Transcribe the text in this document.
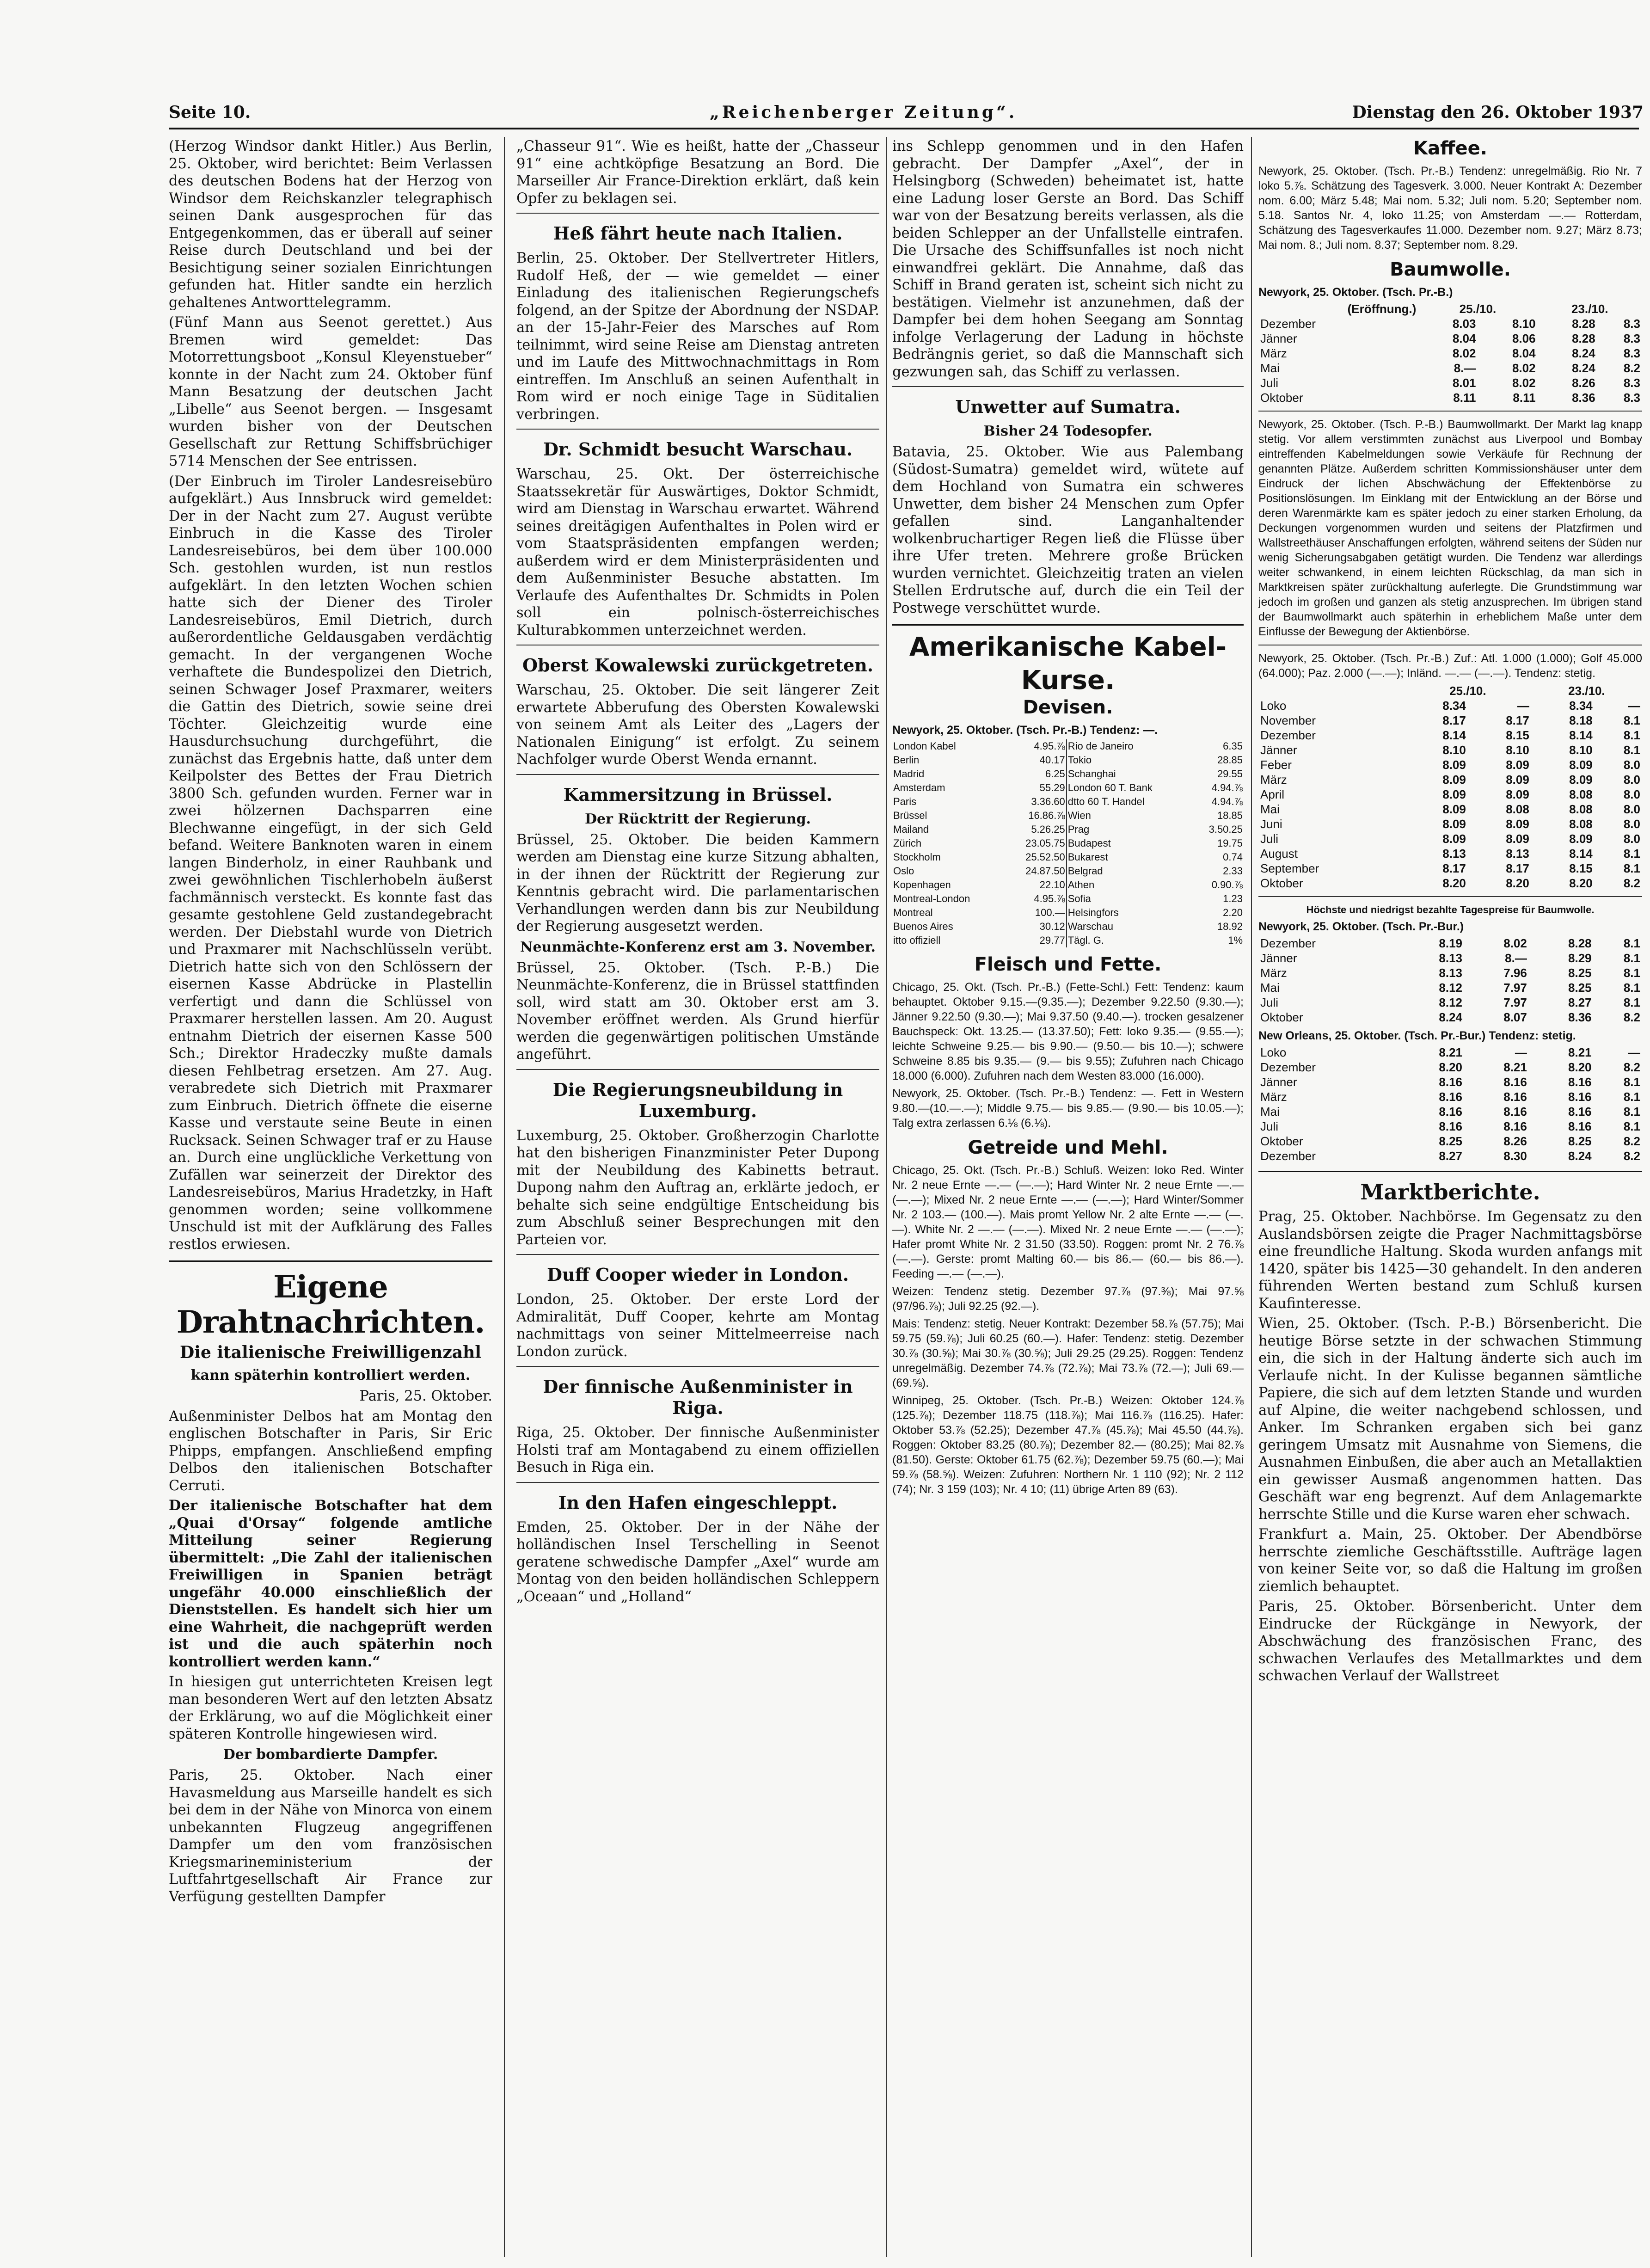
Seite 10.	„Reichenberger Zeitung“.	Dienstag den 26. Oktober 1937

(Herzog Windsor dankt Hitler.) Aus Berlin, 25. Oktober, wird berichtet: Beim Verlassen des deutschen Bodens hat der Herzog von Windsor dem Reichskanzler telegraphisch seinen Dank ausgesprochen für das Entgegenkommen, das er überall auf seiner Reise durch Deutschland und bei der Besichtigung seiner sozialen Einrichtungen gefunden hat. Hitler sandte ein herzlich gehaltenes Antworttelegramm.

(Fünf Mann aus Seenot gerettet.) Aus Bremen wird gemeldet: Das Motorrettungsboot „Konsul Kleyenstueber“ konnte in der Nacht zum 24. Oktober fünf Mann Besatzung der deutschen Jacht „Libelle“ aus Seenot bergen. — Insgesamt wurden bisher von der Deutschen Gesellschaft zur Rettung Schiffsbrüchiger 5714 Menschen der See entrissen.

(Der Einbruch im Tiroler Landesreisebüro aufgeklärt.) Aus Innsbruck wird gemeldet: Der in der Nacht zum 27. August verübte Einbruch in die Kasse des Tiroler Landesreisebüros, bei dem über 100.000 Sch. gestohlen wurden, ist nun restlos aufgeklärt. In den letzten Wochen schien hatte sich der Diener des Tiroler Landesreisebüros, Emil Dietrich, durch außerordentliche Geldausgaben verdächtig gemacht. In der vergangenen Woche verhaftete die Bundespolizei den Dietrich, seinen Schwager Josef Praxmarer, weiters die Gattin des Dietrich, sowie seine drei Töchter. Gleichzeitig wurde eine Hausdurchsuchung durchgeführt, die zunächst das Ergebnis hatte, daß unter dem Keilpolster des Bettes der Frau Dietrich 3800 Sch. gefunden wurden. Ferner war in zwei hölzernen Dachsparren eine Blechwanne eingefügt, in der sich Geld befand. Weitere Banknoten waren in einem langen Binderholz, in einer Rauhbank und zwei gewöhnlichen Tischlerhobeln äußerst fachmännisch versteckt. Es konnte fast das gesamte gestohlene Geld zustandegebracht werden. Der Diebstahl wurde von Dietrich und Praxmarer mit Nachschlüsseln verübt. Dietrich hatte sich von den Schlössern der eisernen Kasse Abdrücke in Plastellin verfertigt und dann die Schlüssel von Praxmarer herstellen lassen. Am 20. August entnahm Dietrich der eisernen Kasse 500 Sch.; Direktor Hradeczky mußte damals diesen Fehlbetrag ersetzen. Am 27. Aug. verabredete sich Dietrich mit Praxmarer zum Einbruch. Dietrich öffnete die eiserne Kasse und verstaute seine Beute in einen Rucksack. Seinen Schwager traf er zu Hause an. Durch eine unglückliche Verkettung von Zufällen war seinerzeit der Direktor des Landesreisebüros, Marius Hradetzky, in Haft genommen worden; seine vollkommene Unschuld ist mit der Aufklärung des Falles restlos erwiesen.

Eigene Drahtnachrichten.
Die italienische Freiwilligenzahl
kann späterhin kontrolliert werden.

Paris, 25. Oktober.

Außenminister Delbos hat am Montag den englischen Botschafter in Paris, Sir Eric Phipps, empfangen. Anschließend empfing Delbos den italienischen Botschafter Cerruti.

Der italienische Botschafter hat dem „Quai d'Orsay“ folgende amtliche Mitteilung seiner Regierung übermittelt: „Die Zahl der italienischen Freiwilligen in Spanien beträgt ungefähr 40.000 einschließlich der Dienststellen. Es handelt sich hier um eine Wahrheit, die nachgeprüft werden ist und die auch späterhin noch kontrolliert werden kann.“

In hiesigen gut unterrichteten Kreisen legt man besonderen Wert auf den letzten Absatz der Erklärung, wo auf die Möglichkeit einer späteren Kontrolle hingewiesen wird.

Der bombardierte Dampfer.

Paris, 25. Oktober. Nach einer Havasmeldung aus Marseille handelt es sich bei dem in der Nähe von Minorca von einem unbekannten Flugzeug angegriffenen Dampfer um den vom französischen Kriegsmarineministerium der Luftfahrtgesellschaft Air France zur Verfügung gestellten Dampfer

„Chasseur 91“. Wie es heißt, hatte der „Chasseur 91“ eine achtköpfige Besatzung an Bord. Die Marseiller Air France-Direktion erklärt, daß kein Opfer zu beklagen sei.

Heß fährt heute nach Italien.

Berlin, 25. Oktober. Der Stellvertreter Hitlers, Rudolf Heß, der — wie gemeldet — einer Einladung des italienischen Regierungschefs folgend, an der Spitze der Abordnung der NSDAP. an der 15-Jahr-Feier des Marsches auf Rom teilnimmt, wird seine Reise am Dienstag antreten und im Laufe des Mittwochnachmittags in Rom eintreffen. Im Anschluß an seinen Aufenthalt in Rom wird er noch einige Tage in Süditalien verbringen.

Dr. Schmidt besucht Warschau.

Warschau, 25. Okt. Der österreichische Staatssekretär für Auswärtiges, Doktor Schmidt, wird am Dienstag in Warschau erwartet. Während seines dreitägigen Aufenthaltes in Polen wird er vom Staatspräsidenten empfangen werden; außerdem wird er dem Ministerpräsidenten und dem Außenminister Besuche abstatten. Im Verlaufe des Aufenthaltes Dr. Schmidts in Polen soll ein polnisch-österreichisches Kulturabkommen unterzeichnet werden.

Oberst Kowalewski zurückgetreten.

Warschau, 25. Oktober. Die seit längerer Zeit erwartete Abberufung des Obersten Kowalewski von seinem Amt als Leiter des „Lagers der Nationalen Einigung“ ist erfolgt. Zu seinem Nachfolger wurde Oberst Wenda ernannt.

Kammersitzung in Brüssel.
Der Rücktritt der Regierung.

Brüssel, 25. Oktober. Die beiden Kammern werden am Dienstag eine kurze Sitzung abhalten, in der ihnen der Rücktritt der Regierung zur Kenntnis gebracht wird. Die parlamentarischen Verhandlungen werden dann bis zur Neubildung der Regierung ausgesetzt werden.

Neunmächte-Konferenz erst am 3. November.

Brüssel, 25. Oktober. (Tsch. P.-B.) Die Neunmächte-Konferenz, die in Brüssel stattfinden soll, wird statt am 30. Oktober erst am 3. November eröffnet werden. Als Grund hierfür werden die gegenwärtigen politischen Umstände angeführt.

Die Regierungsneubildung in Luxemburg.

Luxemburg, 25. Oktober. Großherzogin Charlotte hat den bisherigen Finanzminister Peter Dupong mit der Neubildung des Kabinetts betraut. Dupong nahm den Auftrag an, erklärte jedoch, er behalte sich seine endgültige Entscheidung bis zum Abschluß seiner Besprechungen mit den Parteien vor.

Duff Cooper wieder in London.

London, 25. Oktober. Der erste Lord der Admiralität, Duff Cooper, kehrte am Montag nachmittags von seiner Mittelmeerreise nach London zurück.

Der finnische Außenminister in Riga.

Riga, 25. Oktober. Der finnische Außenminister Holsti traf am Montagabend zu einem offiziellen Besuch in Riga ein.

In den Hafen eingeschleppt.

Emden, 25. Oktober. Der in der Nähe der holländischen Insel Terschelling in Seenot geratene schwedische Dampfer „Axel“ wurde am Montag von den beiden holländischen Schleppern „Oceaan“ und „Holland“

ins Schlepp genommen und in den Hafen gebracht. Der Dampfer „Axel“, der in Helsingborg (Schweden) beheimatet ist, hatte eine Ladung loser Gerste an Bord. Das Schiff war von der Besatzung bereits verlassen, als die beiden Schlepper an der Unfallstelle eintrafen. Die Ursache des Schiffsunfalles ist noch nicht einwandfrei geklärt. Die Annahme, daß das Schiff in Brand geraten ist, scheint sich nicht zu bestätigen. Vielmehr ist anzunehmen, daß der Dampfer bei dem hohen Seegang am Sonntag infolge Verlagerung der Ladung in höchste Bedrängnis geriet, so daß die Mannschaft sich gezwungen sah, das Schiff zu verlassen.

Unwetter auf Sumatra.
Bisher 24 Todesopfer.

Batavia, 25. Oktober. Wie aus Palembang (Südost-Sumatra) gemeldet wird, wütete auf dem Hochland von Sumatra ein schweres Unwetter, dem bisher 24 Menschen zum Opfer gefallen sind. Langanhaltender wolkenbruchartiger Regen ließ die Flüsse über ihre Ufer treten. Mehrere große Brücken wurden vernichtet. Gleichzeitig traten an vielen Stellen Erdrutsche auf, durch die ein Teil der Postwege verschüttet wurde.

Amerikanische Kabel-
Kurse.
Devisen.
Newyork, 25. Oktober. (Tsch. Pr.-B.) Tendenz: —.
London Kabel	4.95.⅞	Rio de Janeiro	6.35
Berlin	40.17	Tokio	28.85
Madrid	6.25	Schanghai	29.55
Amsterdam	55.29	London 60 T. Bank	4.94.⅞
Paris	3.36.60	dtto 60 T. Handel	4.94.⅞
Brüssel	16.86.⅞	Wien	18.85
Mailand	5.26.25	Prag	3.50.25
Zürich	23.05.75	Budapest	19.75
Stockholm	25.52.50	Bukarest	0.74
Oslo	24.87.50	Belgrad	2.33
Kopenhagen	22.10	Athen	0.90.⅞
Montreal-London	4.95.⅞	Sofia	1.23
Montreal	100.—	Helsingfors	2.20
Buenos Aires	30.12	Warschau	18.92
itto offiziell	29.77	Tägl. G.	1%
Fleisch und Fette.

Chicago, 25. Okt. (Tsch. Pr.-B.) (Fette-Schl.) Fett: Tendenz: kaum behauptet. Oktober 9.15.—(9.35.—); Dezember 9.22.50 (9.30.—); Jänner 9.22.50 (9.30.—); Mai 9.37.50 (9.40.—). trocken gesalzener Bauchspeck: Okt. 13.25.— (13.37.50); Fett: loko 9.35.— (9.55.—); leichte Schweine 9.25.— bis 9.90.— (9.50.— bis 10.—); schwere Schweine 8.85 bis 9.35.— (9.— bis 9.55); Zufuhren nach Chicago 18.000 (6.000). Zufuhren nach dem Westen 83.000 (16.000).

Newyork, 25. Oktober. (Tsch. Pr.-B.) Tendenz: —. Fett in Western 9.80.—(10.—.—); Middle 9.75.— bis 9.85.— (9.90.— bis 10.05.—); Talg extra zerlassen 6.⅛ (6.⅛).

Getreide und Mehl.

Chicago, 25. Okt. (Tsch. Pr.-B.) Schluß. Weizen: loko Red. Winter Nr. 2 neue Ernte —.— (—.—); Hard Winter Nr. 2 neue Ernte —.— (—.—); Mixed Nr. 2 neue Ernte —.— (—.—); Hard Winter/Sommer Nr. 2 103.— (100.—). Mais promt Yellow Nr. 2 alte Ernte —.— (—.—). White Nr. 2 —.— (—.—). Mixed Nr. 2 neue Ernte —.— (—.—); Hafer promt White Nr. 2 31.50 (33.50). Roggen: promt Nr. 2 76.⅞ (—.—). Gerste: promt Malting 60.— bis 86.— (60.— bis 86.—). Feeding —.— (—.—).

Weizen: Tendenz stetig. Dezember 97.⅞ (97.⅜); Mai 97.⅝ (97/96.⅞); Juli 92.25 (92.—).

Mais: Tendenz: stetig. Neuer Kontrakt: Dezember 58.⅞ (57.75); Mai 59.75 (59.⅞); Juli 60.25 (60.—). Hafer: Tendenz: stetig. Dezember 30.⅞ (30.⅝); Mai 30.⅞ (30.⅝); Juli 29.25 (29.25). Roggen: Tendenz unregelmäßig. Dezember 74.⅞ (72.⅞); Mai 73.⅞ (72.—); Juli 69.— (69.⅝).

Winnipeg, 25. Oktober. (Tsch. Pr.-B.) Weizen: Oktober 124.⅞ (125.⅞); Dezember 118.75 (118.⅞); Mai 116.⅞ (116.25). Hafer: Oktober 53.⅞ (52.25); Dezember 47.⅞ (45.⅞); Mai 45.50 (44.⅞). Roggen: Oktober 83.25 (80.⅞); Dezember 82.— (80.25); Mai 82.⅞ (81.50). Gerste: Oktober 61.75 (62.⅞); Dezember 59.75 (60.—); Mai 59.⅞ (58.⅝). Weizen: Zufuhren: Northern Nr. 1 110 (92); Nr. 2 112 (74); Nr. 3 159 (103); Nr. 4 10; (11) übrige Arten 89 (63).

Kaffee.

Newyork, 25. Oktober. (Tsch. Pr.-B.) Tendenz: unregelmäßig. Rio Nr. 7 loko 5.⅞. Schätzung des Tagesverk. 3.000. Neuer Kontrakt A: Dezember nom. 6.00; März 5.48; Mai nom. 5.32; Juli nom. 5.20; September nom. 5.18. Santos Nr. 4, loko 11.25; von Amsterdam —.— Rotterdam, Schätzung des Tagesverkaufes 11.000. Dezember nom. 9.27; März 8.73; Mai nom. 8.; Juli nom. 8.37; September nom. 8.29.

Baumwolle.
Newyork, 25. Oktober. (Tsch. Pr.-B.)
(Eröffnung.)	25./10.		23./10.	
Dezember	8.03	8.10	8.28	8.3
Jänner	8.04	8.06	8.28	8.3
März	8.02	8.04	8.24	8.3
Mai	8.—	8.02	8.24	8.2
Juli	8.01	8.02	8.26	8.3
Oktober	8.11	8.11	8.36	8.3

Newyork, 25. Oktober. (Tsch. P.-B.) Baumwollmarkt. Der Markt lag knapp stetig. Vor allem verstimmten zunächst aus Liverpool und Bombay eintreffenden Kabelmeldungen sowie Verkäufe für Rechnung der genannten Plätze. Außerdem schritten Kommissionshäuser unter dem Eindruck der lichen Abschwächung der Effektenbörse zu Positionslösungen. Im Einklang mit der Entwicklung an der Börse und deren Warenmärkte kam es später jedoch zu einer starken Erholung, da Deckungen vorgenommen wurden und seitens der Platzfirmen und Wallstreethäuser Anschaffungen erfolgten, während seitens der Süden nur wenig Sicherungsabgaben getätigt wurden. Die Tendenz war allerdings weiter schwankend, in einem leichten Rückschlag, da man sich in Marktkreisen später zurückhaltung auferlegte. Die Grundstimmung war jedoch im großen und ganzen als stetig anzusprechen. Im übrigen stand der Baumwollmarkt auch späterhin in erheblichem Maße unter dem Einflusse der Bewegung der Aktienbörse.

Newyork, 25. Oktober. (Tsch. Pr.-B.) Zuf.: Atl. 1.000 (1.000); Golf 45.000 (64.000); Paz. 2.000 (—.—); Inländ. —.— (—.—). Tendenz: stetig.

	25./10.		23./10.	
Loko	8.34	—	8.34	—
November	8.17	8.17	8.18	8.1
Dezember	8.14	8.15	8.14	8.1
Jänner	8.10	8.10	8.10	8.1
Feber	8.09	8.09	8.09	8.0
März	8.09	8.09	8.09	8.0
April	8.09	8.09	8.08	8.0
Mai	8.09	8.08	8.08	8.0
Juni	8.09	8.09	8.08	8.0
Juli	8.09	8.09	8.09	8.0
August	8.13	8.13	8.14	8.1
September	8.17	8.17	8.15	8.1
Oktober	8.20	8.20	8.20	8.2
Höchste und niedrigst bezahlte Tagespreise für Baumwolle.
Newyork, 25. Oktober. (Tsch. Pr.-Bur.)
Dezember	8.19	8.02	8.28	8.1
Jänner	8.13	8.—	8.29	8.1
März	8.13	7.96	8.25	8.1
Mai	8.12	7.97	8.25	8.1
Juli	8.12	7.97	8.27	8.1
Oktober	8.24	8.07	8.36	8.2
New Orleans, 25. Oktober. (Tsch. Pr.-Bur.) Tendenz: stetig.
Loko	8.21	—	8.21	—
Dezember	8.20	8.21	8.20	8.2
Jänner	8.16	8.16	8.16	8.1
März	8.16	8.16	8.16	8.1
Mai	8.16	8.16	8.16	8.1
Juli	8.16	8.16	8.16	8.1
Oktober	8.25	8.26	8.25	8.2
Dezember	8.27	8.30	8.24	8.2
Marktberichte.

Prag, 25. Oktober. Nachbörse. Im Gegensatz zu den Auslandsbörsen zeigte die Prager Nachmittagsbörse eine freundliche Haltung. Skoda wurden anfangs mit 1420, später bis 1425—30 gehandelt. In den anderen führenden Werten bestand zum Schluß kursen Kaufinteresse.

Wien, 25. Oktober. (Tsch. P.-B.) Börsenbericht. Die heutige Börse setzte in der schwachen Stimmung ein, die sich in der Haltung änderte sich auch im Verlaufe nicht. In der Kulisse begannen sämtliche Papiere, die sich auf dem letzten Stande und wurden auf Alpine, die weiter nachgebend schlossen, und Anker. Im Schranken ergaben sich bei ganz geringem Umsatz mit Ausnahme von Siemens, die Ausnahmen Einbußen, die aber auch an Metallaktien ein gewisser Ausmaß angenommen hatten. Das Geschäft war eng begrenzt. Auf dem Anlagemarkte herrschte Stille und die Kurse waren eher schwach.

Frankfurt a. Main, 25. Oktober. Der Abendbörse herrschte ziemliche Geschäftsstille. Aufträge lagen von keiner Seite vor, so daß die Haltung im großen ziemlich behauptet.

Paris, 25. Oktober. Börsenbericht. Unter dem Eindrucke der Rückgänge in Newyork, der Abschwächung des französischen Franc, des schwachen Verlaufes des Metallmarktes und dem schwachen Verlauf der Wallstreet
